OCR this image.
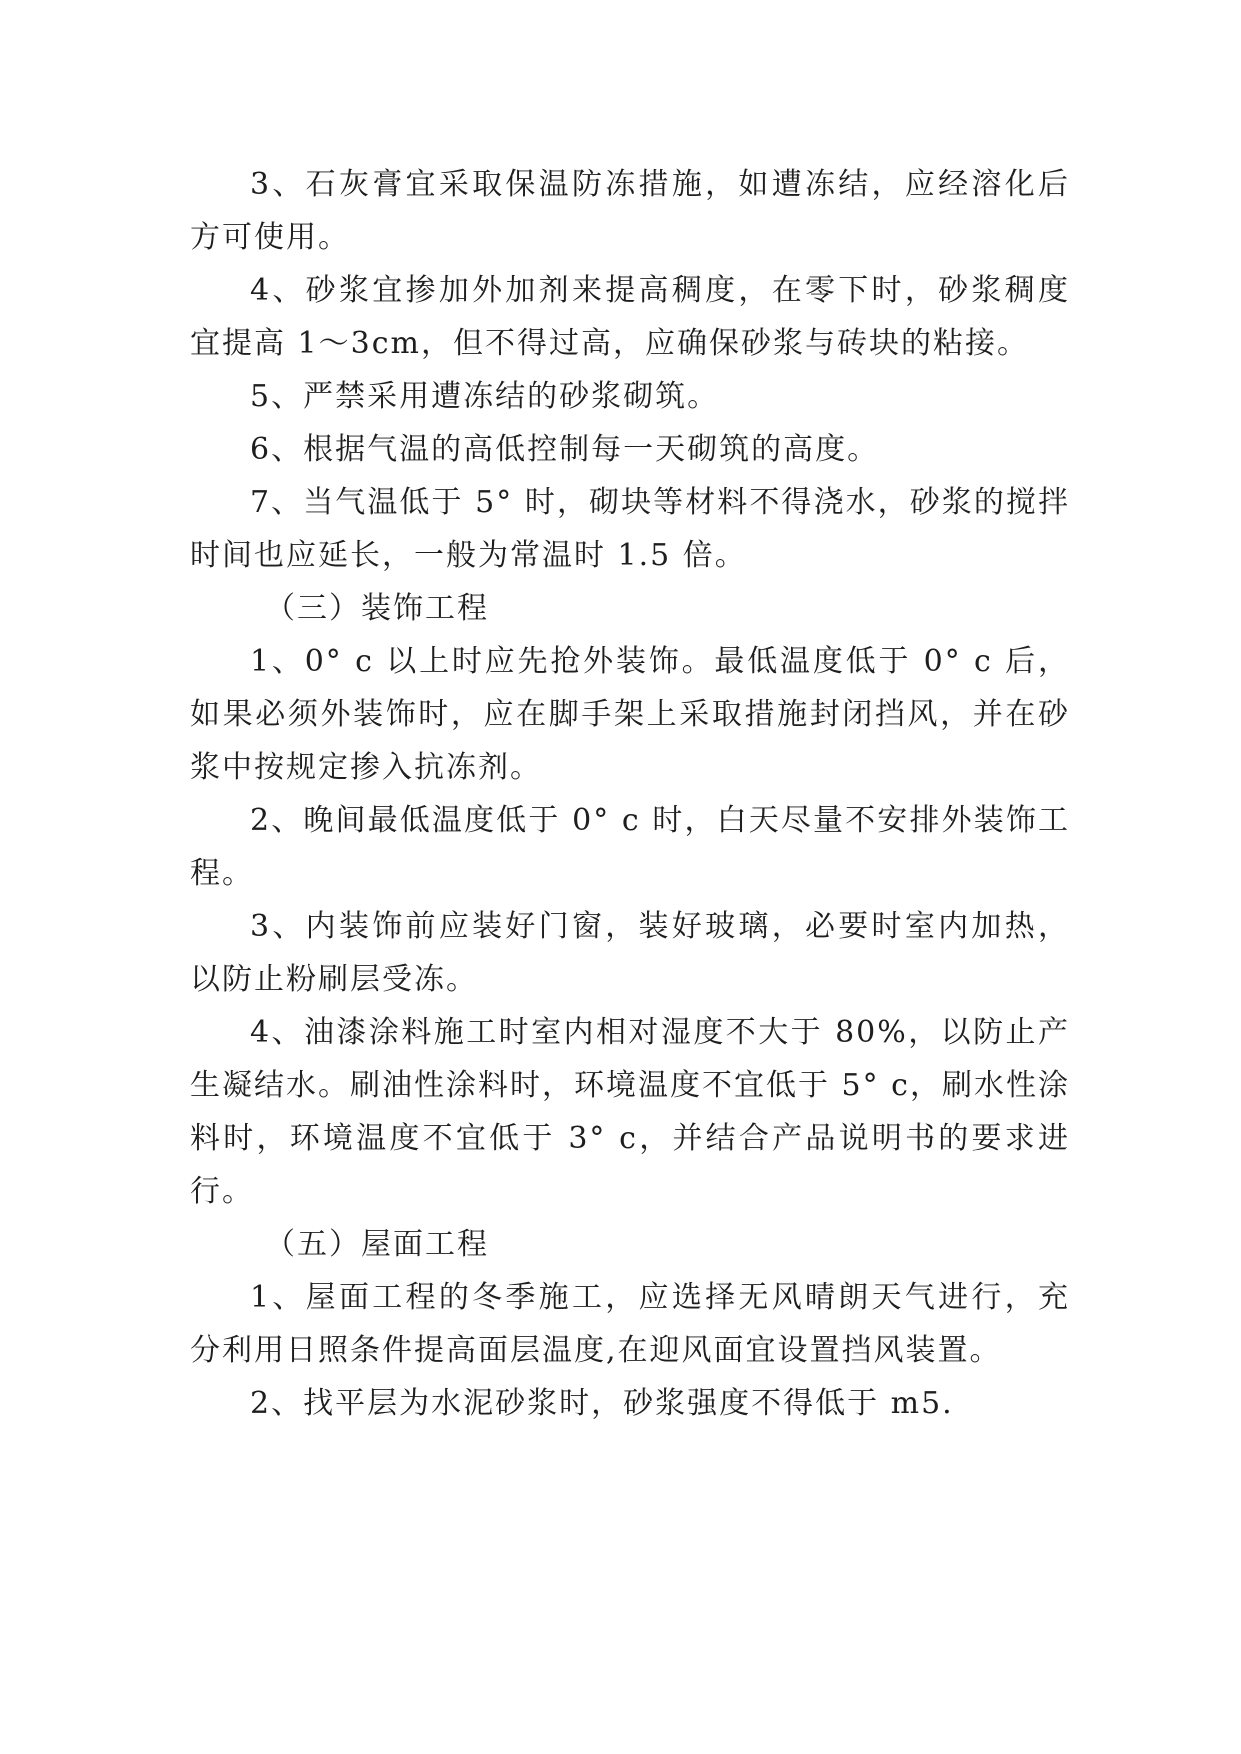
3、石灰膏宜采取保温防冻措施，如遭冻结，应经溶化后方可使用。

4、砂浆宜掺加外加剂来提高稠度，在零下时，砂浆稠度宜提高 1～3cm，但不得过高，应确保砂浆与砖块的粘接。

5、严禁采用遭冻结的砂浆砌筑。

6、根据气温的高低控制每一天砌筑的高度。

7、当气温低于 5° 时，砌块等材料不得浇水，砂浆的搅拌时间也应延长，一般为常温时 1.5 倍。

（三）装饰工程

1、0° c 以上时应先抢外装饰。最低温度低于 0° c 后，如果必须外装饰时，应在脚手架上采取措施封闭挡风，并在砂浆中按规定掺入抗冻剂。

2、晚间最低温度低于 0° c 时，白天尽量不安排外装饰工程。

3、内装饰前应装好门窗，装好玻璃，必要时室内加热，以防止粉刷层受冻。

4、油漆涂料施工时室内相对湿度不大于 80%，以防止产生凝结水。刷油性涂料时，环境温度不宜低于 5° c，刷水性涂料时，环境温度不宜低于 3° c，并结合产品说明书的要求进行。

（五）屋面工程

1、屋面工程的冬季施工，应选择无风晴朗天气进行，充分利用日照条件提高面层温度,在迎风面宜设置挡风装置。

2、找平层为水泥砂浆时，砂浆强度不得低于 m5.
